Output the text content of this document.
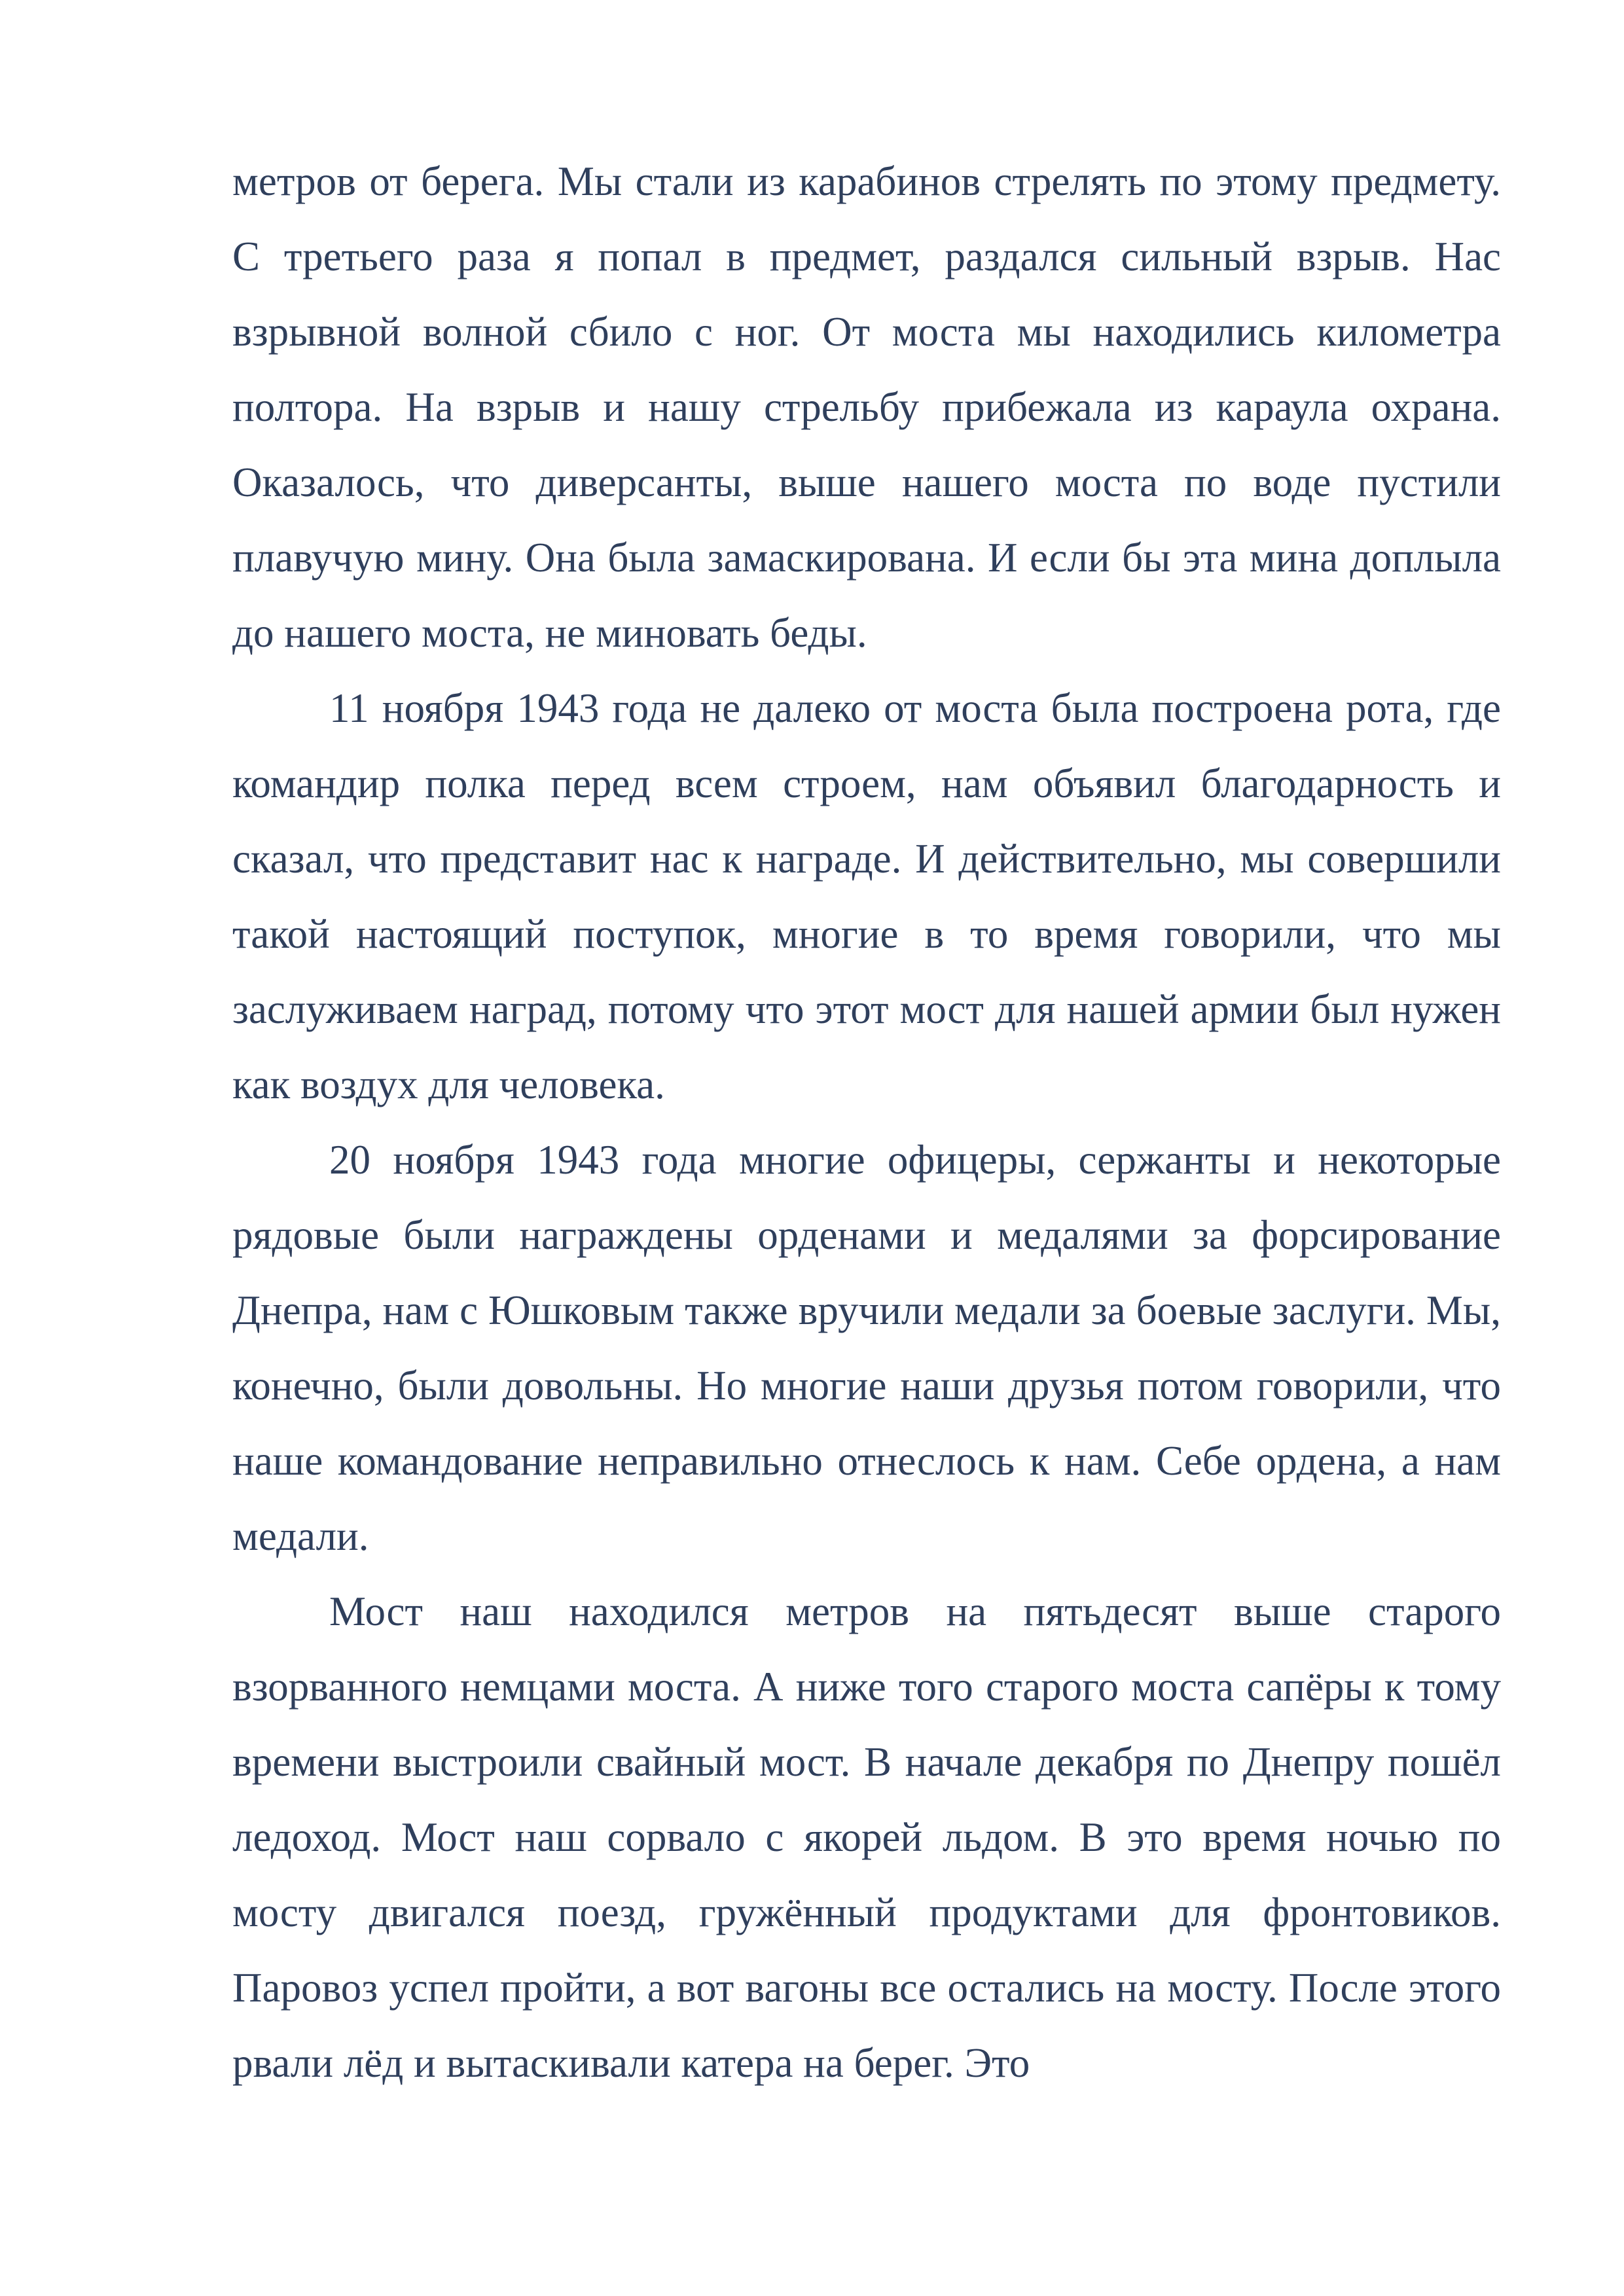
метров от берега. Мы стали из карабинов стрелять по этому предмету. С третьего раза я попал в предмет, раздался сильный взрыв. Нас взрывной волной сбило с ног. От моста мы находились километра полтора. На взрыв и нашу стрельбу прибежала из караула охрана. Оказалось, что диверсанты, выше нашего моста по воде пустили плавучую мину. Она была замаскирована. И если бы эта мина доплыла до нашего моста, не миновать беды.

11 ноября 1943 года не далеко от моста была построена рота, где командир полка перед всем строем, нам объявил благодарность и сказал, что представит нас к награде. И действительно, мы совершили такой настоящий поступок, многие в то время говорили, что мы заслуживаем наград, потому что этот мост для нашей армии был нужен как воздух для человека.

20 ноября 1943 года многие офицеры, сержанты и некоторые рядовые были награждены орденами и медалями за форсирование Днепра, нам с Юшковым также вручили медали за боевые заслуги. Мы, конечно, были довольны. Но многие наши друзья потом говорили, что наше командование неправильно отнеслось к нам. Себе ордена, а нам медали.

Мост наш находился метров на пятьдесят выше старого взорванного немцами моста. А ниже того старого моста сапёры к тому времени выстроили свайный мост. В начале декабря по Днепру пошёл ледоход. Мост наш сорвало с якорей льдом. В это время ночью по мосту двигался поезд, гружённый продуктами для фронтовиков. Паровоз успел пройти, а вот вагоны все остались на мосту. После этого рвали лёд и вытаскивали катера на берег. Это
